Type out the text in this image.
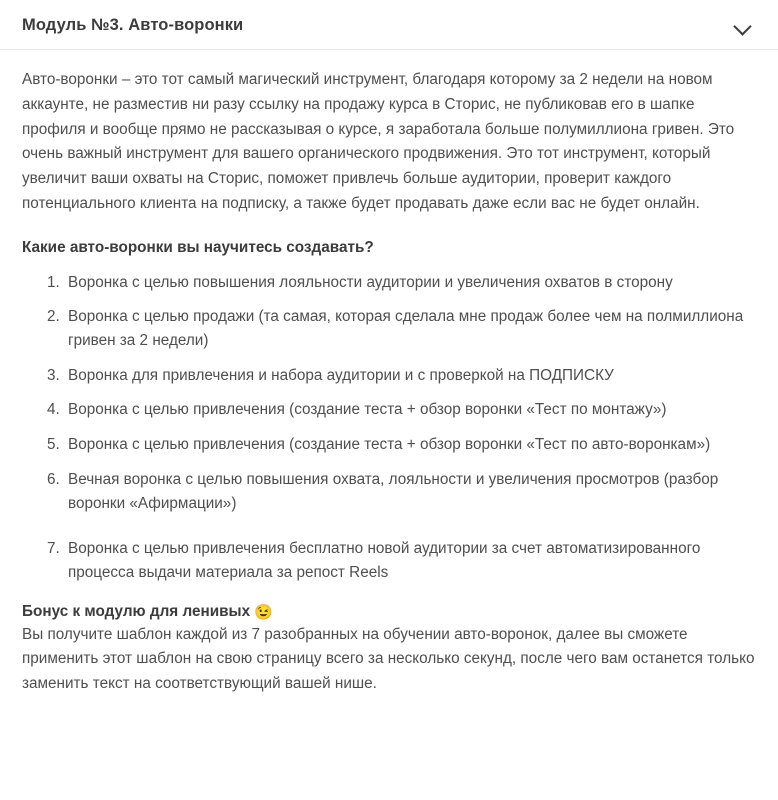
Модуль №3. Авто-воронки

Авто-воронки – это тот самый магический инструмент, благодаря которому за 2 недели на новом аккаунте, не разместив ни разу ссылку на продажу курса в Сторис, не публиковав его в шапке профиля и вообще прямо не рассказывая о курсе, я заработала больше полумиллиона гривен. Это очень важный инструмент для вашего органического продвижения. Это тот инструмент, который увеличит ваши охваты на Сторис, поможет привлечь больше аудитории, проверит каждого потенциального клиента на подписку, а также будет продавать даже если вас не будет онлайн.

Какие авто-воронки вы научитесь создавать?
1. Воронка с целью повышения лояльности аудитории и увеличения охватов в сторону
2. Воронка с целью продажи (та самая, которая сделала мне продаж более чем на полмиллиона гривен за 2 недели)
3. Воронка для привлечения и набора аудитории и с проверкой на ПОДПИСКУ
4. Воронка с целью привлечения (создание теста + обзор воронки «Тест по монтажу»)
5. Воронка с целью привлечения (создание теста + обзор воронки «Тест по авто-воронкам»)
6. Вечная воронка с целью повышения охвата, лояльности и увеличения просмотров (разбор воронки «Афирмации»)
7. Воронка с целью привлечения бесплатно новой аудитории за счет автоматизированного процесса выдачи материала за репост Reels
Бонус к модулю для ленивых 😉

Вы получите шаблон каждой из 7 разобранных на обучении авто-воронок, далее вы сможете применить этот шаблон на свою страницу всего за несколько секунд, после чего вам останется только заменить текст на соответствующий вашей нише.
